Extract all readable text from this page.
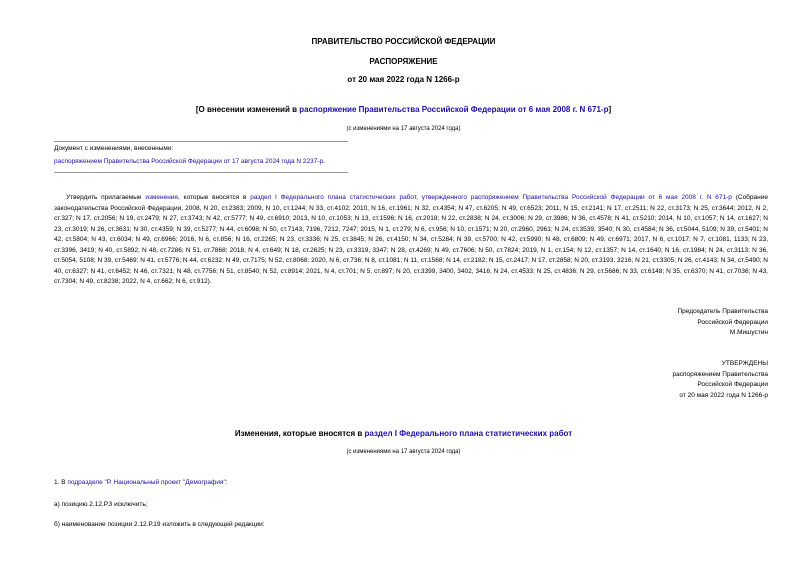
ПРАВИТЕЛЬСТВО РОССИЙСКОЙ ФЕДЕРАЦИИ
РАСПОРЯЖЕНИЕ
от 20 мая 2022 года N 1266-р
[О внесении изменений в распоряжение Правительства Российской Федерации от 6 мая 2008 г. N 671-р]
(с изменениями на 17 августа 2024 года)
Документ с изменениями, внесенными:
распоряжением Правительства Российской Федерации от 17 августа 2024 года N 2237-р.
Утвердить прилагаемые изменения, которые вносятся в раздел I Федерального плана статистических работ, утвержденного распоряжением Правительства Российской Федерации от 6 мая 2008 г. N 671-р (Собрание законодательства Российской Федерации, 2008, N 20, ст.2383; 2009, N 10, ст.1244; N 33, ст.4102; 2010, N 16, ст.1961; N 32, ст.4354; N 47, ст.6205; N 49, ст.6523; 2011, N 15, ст.2141; N 17, ст.2511; N 22, ст.3173; N 25, ст.3644; 2012, N 2, ст.327; N 17, ст.2056; N 19, ст.2479; N 27, ст.3743; N 42, ст.5777; N 49, ст.6910; 2013, N 10, ст.1053; N 13, ст.1596; N 16, ст.2018; N 22, ст.2838; N 24, ст.3006; N 29, ст.3986; N 36, ст.4578; N 41, ст.5210; 2014, N 10, ст.1057; N 14, ст.1627; N 23, ст.3019; N 26, ст.3631; N 30, ст.4359; N 39, ст.5277; N 44, ст.6098; N 50, ст.7143, 7196, 7212, 7247; 2015, N 1, ст.279; N 6, ст.956; N 10, ст.1571; N 20, ст.2960, 2961; N 24, ст.3539, 3540; N 30, ст.4584; N 36, ст.5044, 5109; N 39, ст.5401; N 42, ст.5804; N 43, ст.6034; N 49, ст.6966; 2016, N 6, ст.856; N 16, ст.2265; N 23, ст.3336; N 25, ст.3845; N 26, ст.4150; N 34, ст.5284; N 39, ст.5700; N 42, ст.5990; N 48, ст.6809; N 49, ст.6971; 2017, N 6, ст.1017; N 7, ст.1081, 1133; N 23, ст.3396, 3419; N 40, ст.5892; N 48, ст.7286; N 51, ст.7868; 2018, N 4, ст.649; N 18, ст.2625; N 23, ст.3319, 3347; N 28, ст.4269; N 49, ст.7606; N 50, ст.7824; 2019, N 1, ст.154; N 12, ст.1357; N 14, ст.1640; N 16, ст.1984; N 24, ст.3113; N 36, ст.5054, 5108; N 39, ст.5469; N 41, ст.5776; N 44, ст.6232; N 49, ст.7175; N 52, ст.8068; 2020, N 6, ст.736; N 8, ст.1081; N 11, ст.1568; N 14, ст.2182; N 15, ст.2417; N 17, ст.2858; N 20, ст.3193, 3216; N 21, ст.3305; N 26, ст.4143; N 34, ст.5490; N 40, ст.6327; N 41, ст.6452; N 46, ст.7321; N 48, ст.7756; N 51, ст.8540; N 52, ст.8914; 2021, N 4, ст.701; N 5, ст.897; N 20, ст.3399, 3400, 3402, 3416; N 24, ст.4533; N 25, ст.4836; N 29, ст.5686; N 33, ст.6148; N 35, ст.6370; N 41, ст.7036; N 43, ст.7304; N 49, ст.8238; 2022, N 4, ст.662; N 6, ст.912).
Председатель Правительства
Российской Федерации
М.Мишустин
УТВЕРЖДЕНЫ
распоряжением Правительства
Российской Федерации
от 20 мая 2022 года N 1266-р
Изменения, которые вносятся в раздел I Федерального плана статистических работ
(с изменениями на 17 августа 2024 года)
1. В подразделе "Р. Национальный проект "Демография":
а) позицию 2.12.Р.3 исключить;
б) наименование позиции 2.12.Р.19 изложить в следующей редакции:
